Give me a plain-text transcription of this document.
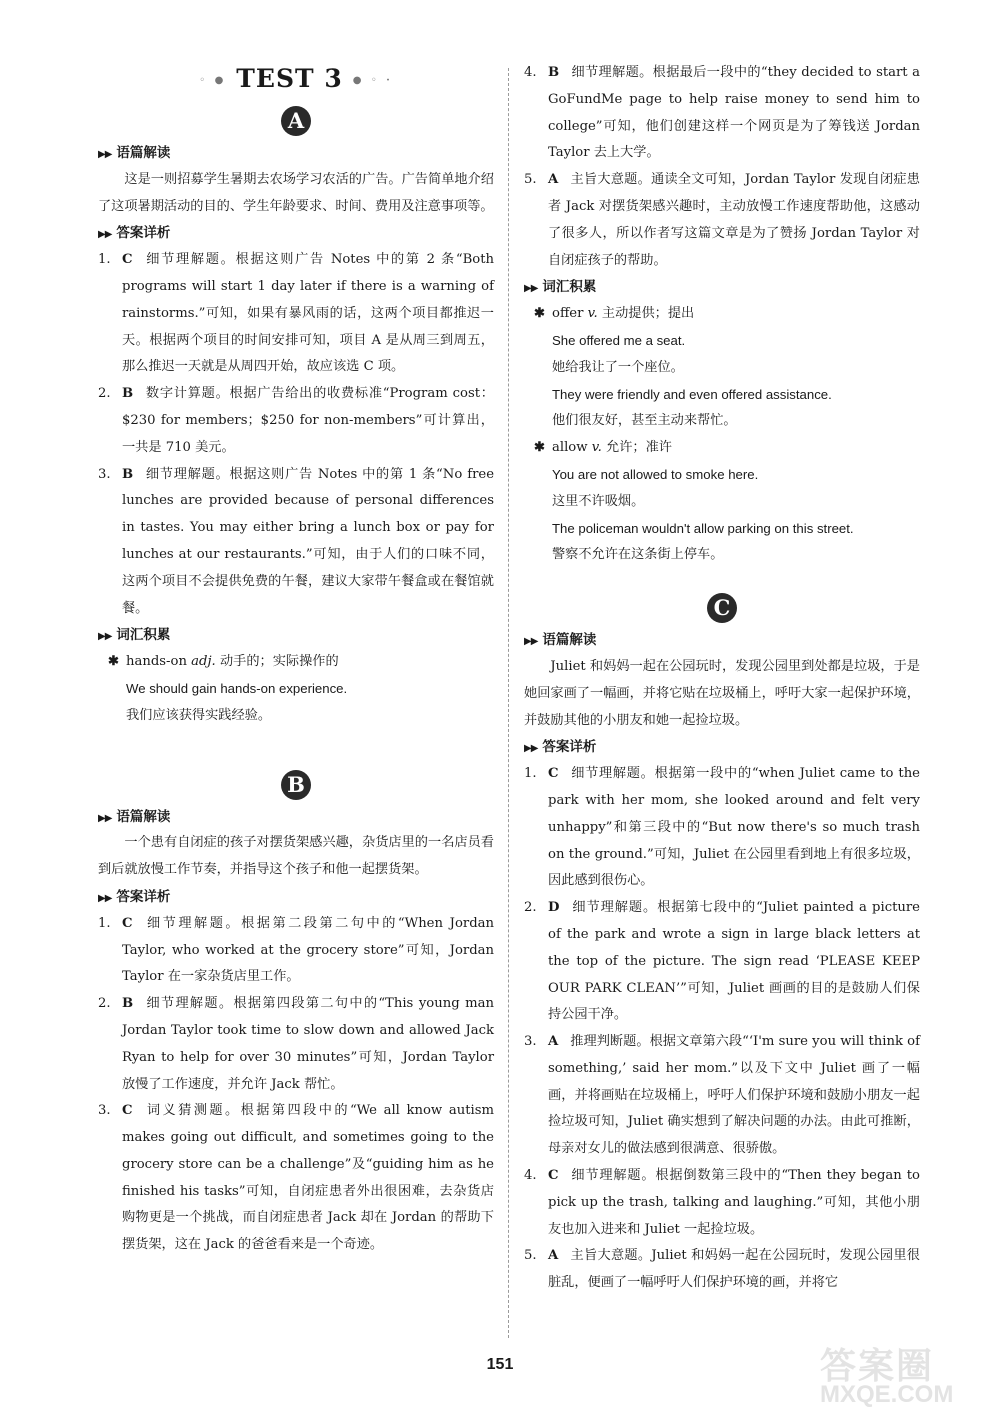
◦ ● TEST 3 ● ◦ ·
A
▶▶ 语篇解读
这是一则招募学生暑期去农场学习农活的广告。广告简单地介绍了这项暑期活动的目的、学生年龄要求、时间、费用及注意事项等。
▶▶ 答案详析
1. C 细节理解题。根据这则广告 Notes 中的第 2 条“Both programs will start 1 day later if there is a warning of rainstorms.”可知，如果有暴风雨的话，这两个项目都推迟一天。根据两个项目的时间安排可知，项目 A 是从周三到周五，那么推迟一天就是从周四开始，故应该选 C 项。
2. B 数字计算题。根据广告给出的收费标准“Program cost：$230 for members；$250 for non-members”可计算出，一共是 710 美元。
3. B 细节理解题。根据这则广告 Notes 中的第 1 条“No free lunches are provided because of personal differences in tastes. You may either bring a lunch box or pay for lunches at our restaurants.”可知，由于人们的口味不同，这两个项目不会提供免费的午餐，建议大家带午餐盒或在餐馆就餐。
▶▶ 词汇积累
✱ hands-on adj. 动手的；实际操作的
We should gain hands-on experience.
我们应该获得实践经验。
B
▶▶ 语篇解读
一个患有自闭症的孩子对摆货架感兴趣，杂货店里的一名店员看到后就放慢工作节奏，并指导这个孩子和他一起摆货架。
▶▶ 答案详析
1. C 细节理解题。根据第二段第二句中的“When Jordan Taylor, who worked at the grocery store”可知，Jordan Taylor 在一家杂货店里工作。
2. B 细节理解题。根据第四段第二句中的“This young man Jordan Taylor took time to slow down and allowed Jack Ryan to help for over 30 minutes”可知，Jordan Taylor 放慢了工作速度，并允许 Jack 帮忙。
3. C 词义猜测题。根据第四段中的“We all know autism makes going out difficult, and sometimes going to the grocery store can be a challenge”及“guiding him as he finished his tasks”可知，自闭症患者外出很困难，去杂货店购物更是一个挑战，而自闭症患者 Jack 却在 Jordan 的帮助下摆货架，这在 Jack 的爸爸看来是一个奇迹。
4. B 细节理解题。根据最后一段中的“they decided to start a GoFundMe page to help raise money to send him to college”可知，他们创建这样一个网页是为了筹钱送 Jordan Taylor 去上大学。
5. A 主旨大意题。通读全文可知，Jordan Taylor 发现自闭症患者 Jack 对摆货架感兴趣时，主动放慢工作速度帮助他，这感动了很多人，所以作者写这篇文章是为了赞扬 Jordan Taylor 对自闭症孩子的帮助。
▶▶ 词汇积累
✱ offer v. 主动提供；提出
She offered me a seat.
她给我让了一个座位。
They were friendly and even offered assistance.
他们很友好，甚至主动来帮忙。
✱ allow v. 允许；准许
You are not allowed to smoke here.
这里不许吸烟。
The policeman wouldn't allow parking on this street.
警察不允许在这条街上停车。
C
▶▶ 语篇解读
Juliet 和妈妈一起在公园玩时，发现公园里到处都是垃圾，于是她回家画了一幅画，并将它贴在垃圾桶上，呼吁大家一起保护环境，并鼓励其他的小朋友和她一起捡垃圾。
▶▶ 答案详析
1. C 细节理解题。根据第一段中的“when Juliet came to the park with her mom, she looked around and felt very unhappy”和第三段中的“But now there's so much trash on the ground.”可知，Juliet 在公园里看到地上有很多垃圾，因此感到很伤心。
2. D 细节理解题。根据第七段中的“Juliet painted a picture of the park and wrote a sign in large black letters at the top of the picture. The sign read ‘PLEASE KEEP OUR PARK CLEAN’”可知，Juliet 画画的目的是鼓励人们保持公园干净。
3. A 推理判断题。根据文章第六段“‘I'm sure you will think of something,’ said her mom.”以及下文中 Juliet 画了一幅画，并将画贴在垃圾桶上，呼吁人们保护环境和鼓励小朋友一起捡垃圾可知，Juliet 确实想到了解决问题的办法。由此可推断，母亲对女儿的做法感到很满意、很骄傲。
4. C 细节理解题。根据倒数第三段中的“Then they began to pick up the trash, talking and laughing.”可知，其他小朋友也加入进来和 Juliet 一起捡垃圾。
5. A 主旨大意题。Juliet 和妈妈一起在公园玩时，发现公园里很脏乱，便画了一幅呼吁人们保护环境的画，并将它
151	答案圈
MXQE.COM
